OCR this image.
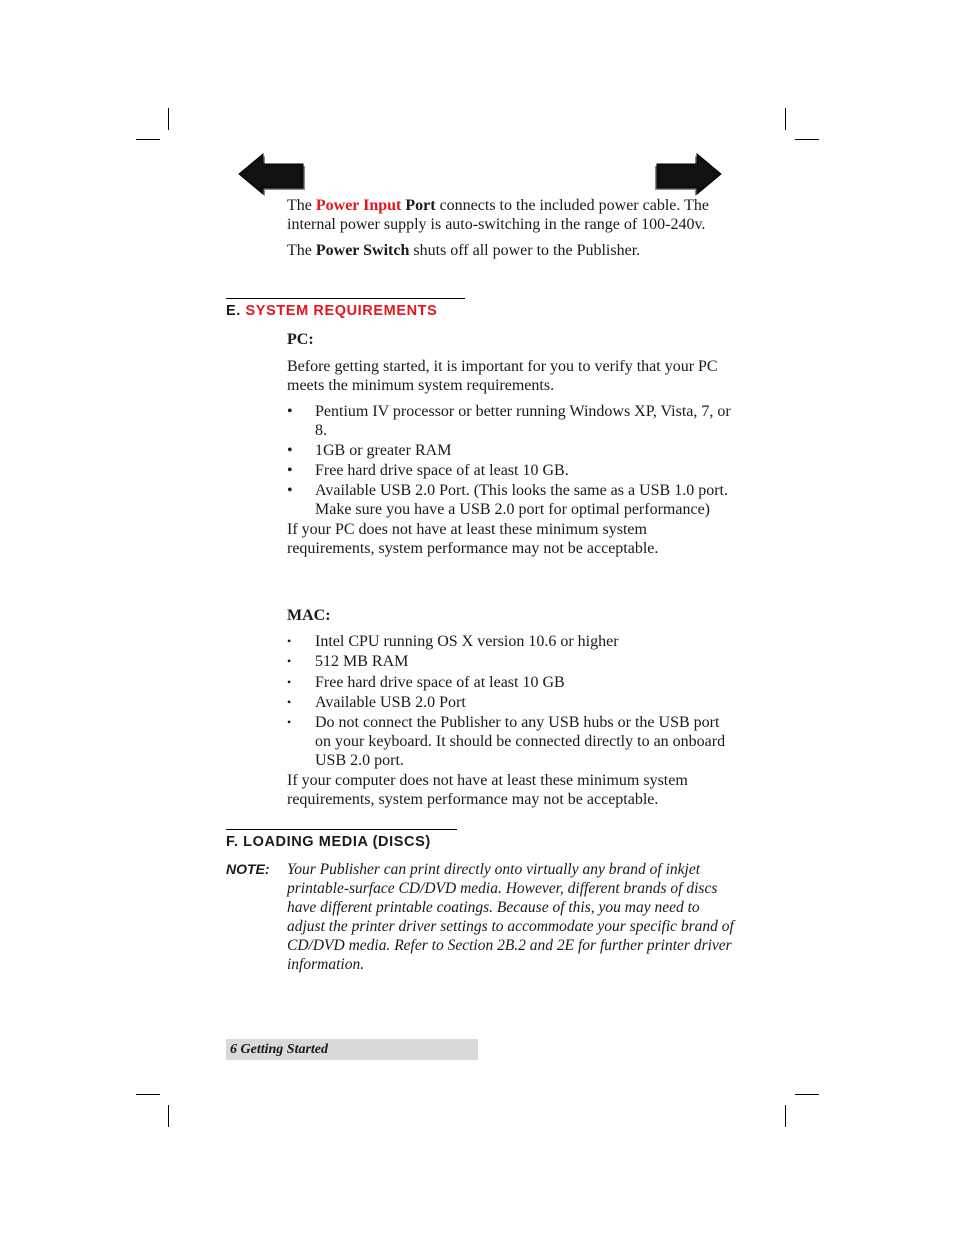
The Power Input Port connects to the included power cable. The internal power supply is auto-switching in the range of 100-240v.

The Power Switch shuts off all power to the Publisher.

E. SYSTEM REQUIREMENTS

PC:

Before getting started, it is important for you to verify that your PC meets the minimum system requirements.

• Pentium IV processor or better running Windows XP, Vista, 7, or 8.
• 1GB or greater RAM
• Free hard drive space of at least 10 GB.
• Available USB 2.0 Port. (This looks the same as a USB 1.0 port. Make sure you have a USB 2.0 port for optimal performance)

If your PC does not have at least these minimum system requirements, system performance may not be acceptable.

MAC:

• Intel CPU running OS X version 10.6 or higher
• 512 MB RAM
• Free hard drive space of at least 10 GB
• Available USB 2.0 Port
• Do not connect the Publisher to any USB hubs or the USB port on your keyboard. It should be connected directly to an onboard USB 2.0 port.

If your computer does not have at least these minimum system requirements, system performance may not be acceptable.

F. LOADING MEDIA (DISCS)
NOTE: Your Publisher can print directly onto virtually any brand of inkjet printable-surface CD/DVD media. However, different brands of discs have different printable coatings. Because of this, you may need to adjust the printer driver settings to accommodate your specific brand of CD/DVD media. Refer to Section 2B.2 and 2E for further printer driver information.
6 Getting Started
